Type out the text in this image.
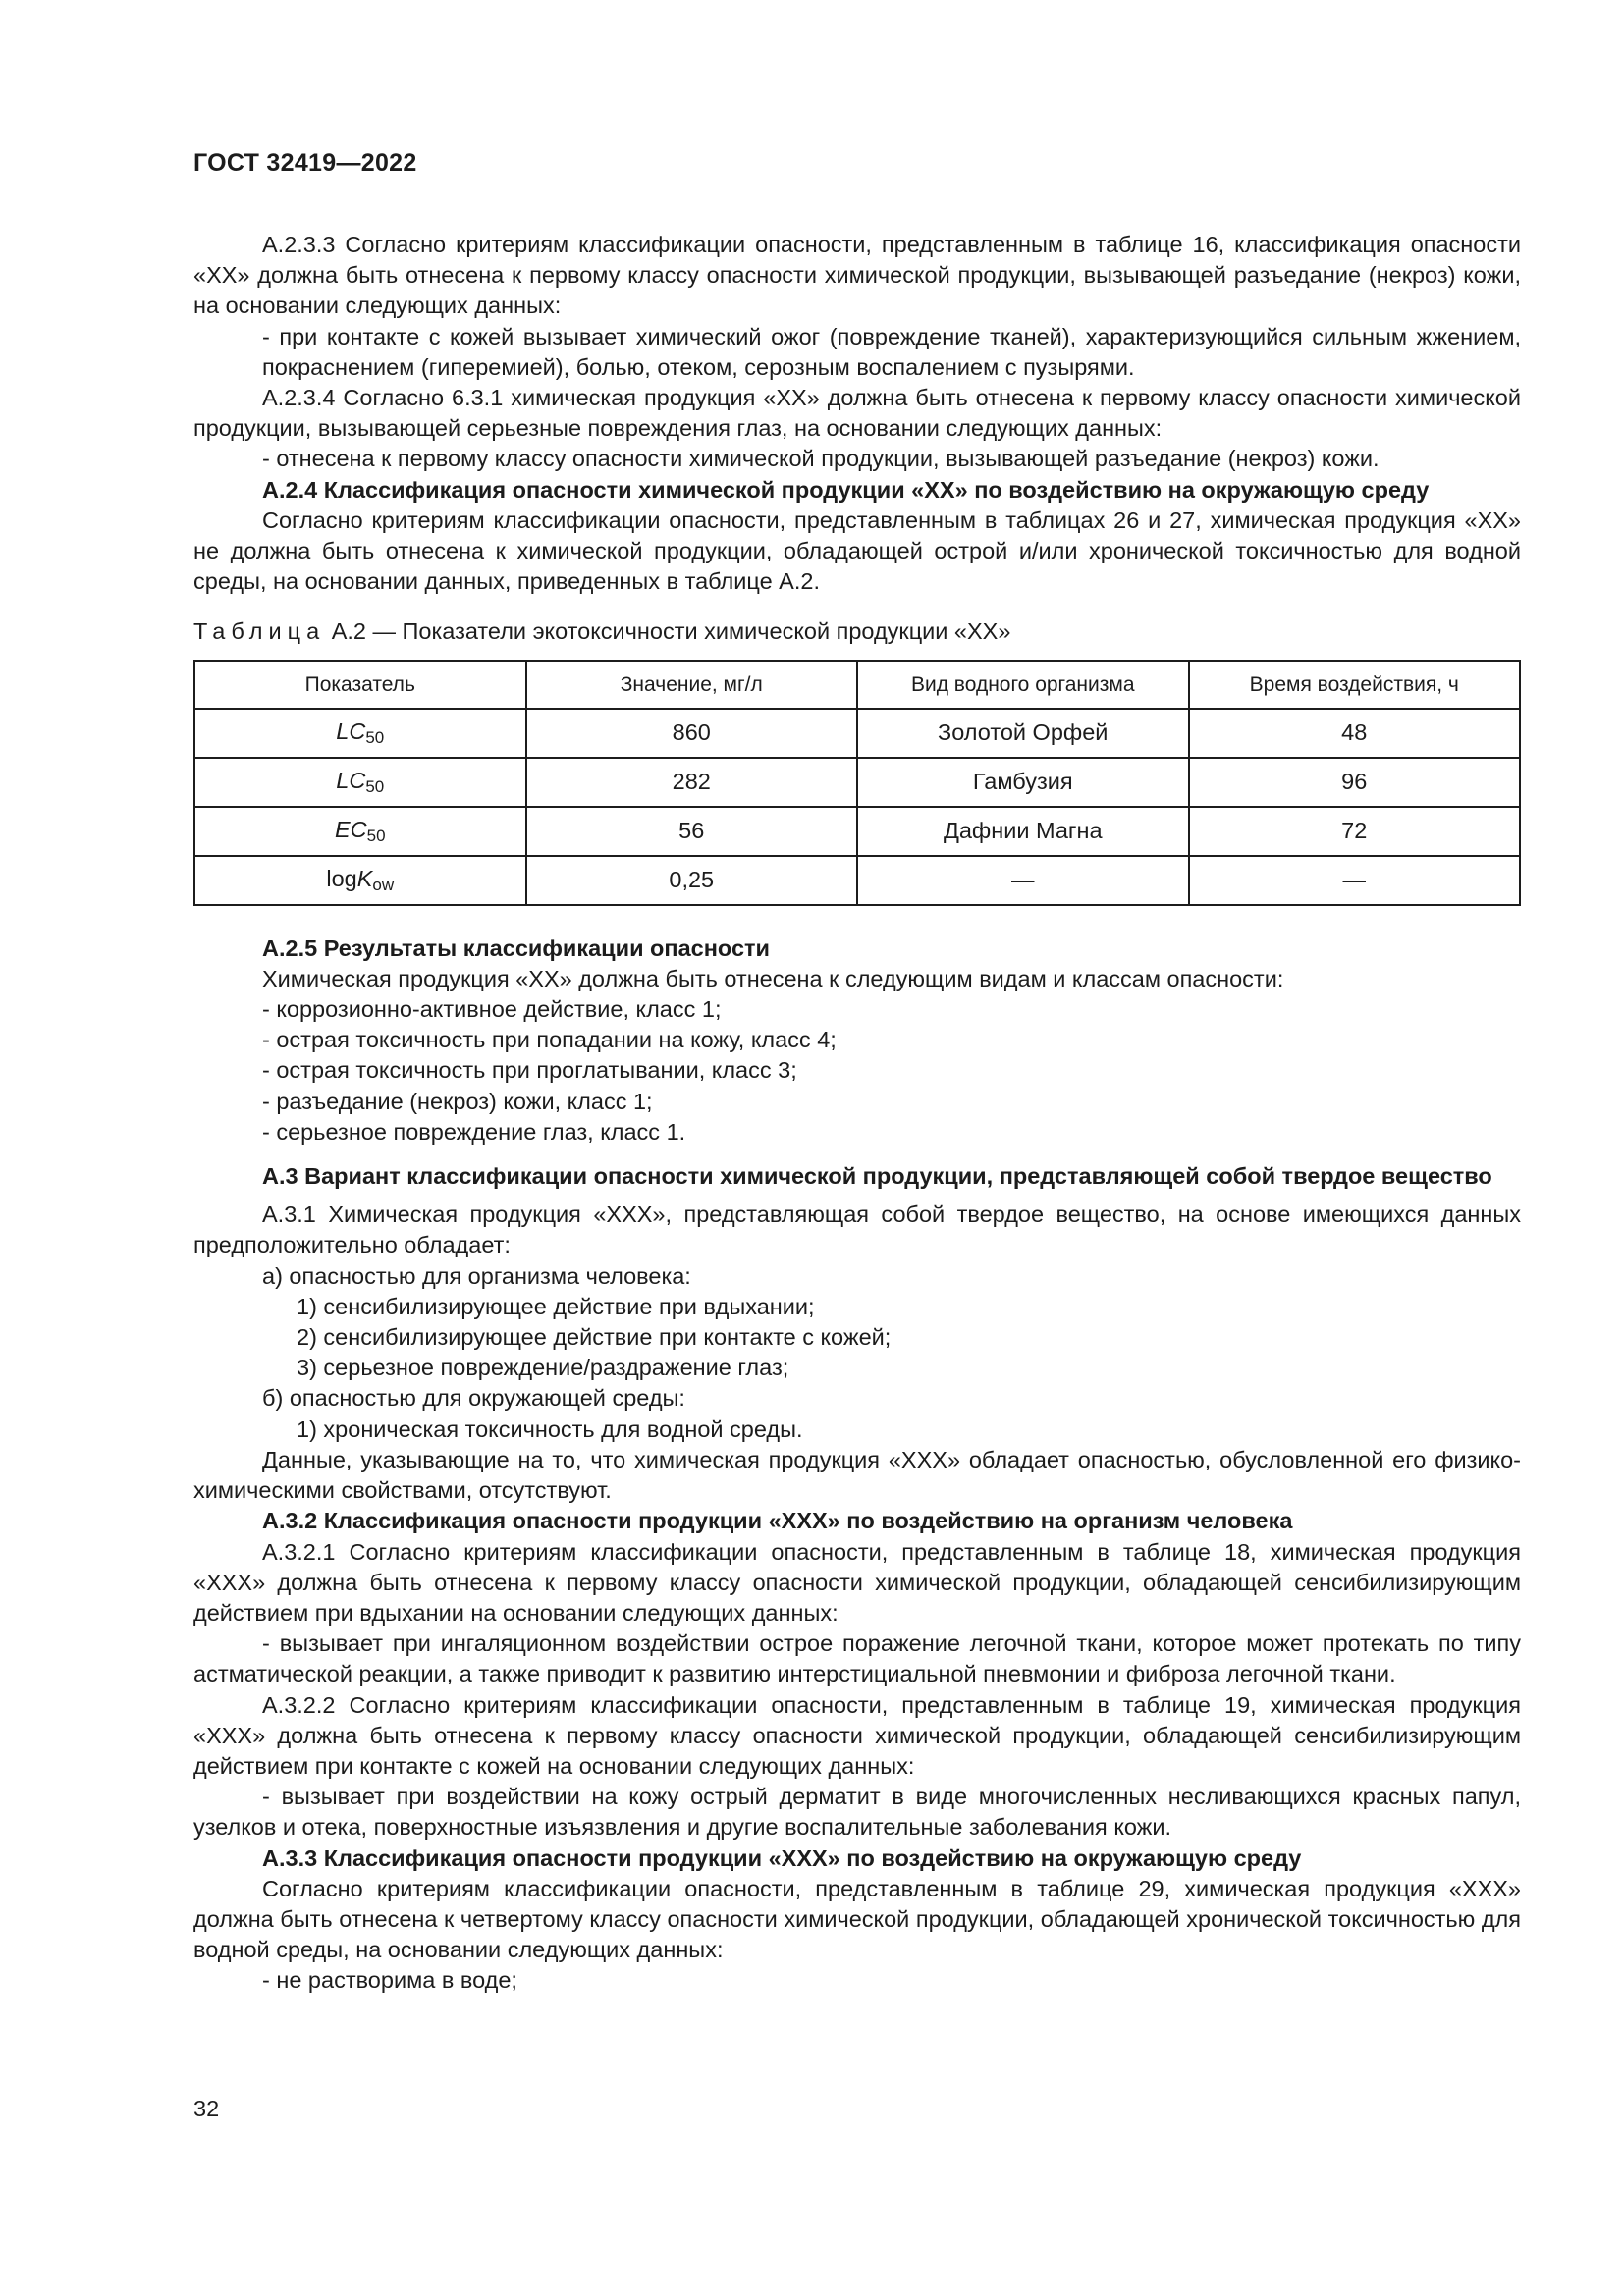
ГОСТ 32419—2022

А.2.3.3 Согласно критериям классификации опасности, представленным в таблице 16, классификация опасности «ХХ» должна быть отнесена к первому классу опасности химической продукции, вызывающей разъедание (некроз) кожи, на основании следующих данных:

- при контакте с кожей вызывает химический ожог (повреждение тканей), характеризующийся сильным жжением, покраснением (гиперемией), болью, отеком, серозным воспалением с пузырями.

А.2.3.4 Согласно 6.3.1 химическая продукция «ХХ» должна быть отнесена к первому классу опасности химической продукции, вызывающей серьезные повреждения глаз, на основании следующих данных:

- отнесена к первому классу опасности химической продукции, вызывающей разъедание (некроз) кожи.

А.2.4 Классификация опасности химической продукции «ХХ» по воздействию на окружающую среду

Согласно критериям классификации опасности, представленным в таблицах 26 и 27, химическая продукция «ХХ» не должна быть отнесена к химической продукции, обладающей острой и/или хронической токсичностью для водной среды, на основании данных, приведенных в таблице А.2.

Таблица А.2 — Показатели экотоксичности химической продукции «ХХ»

Показатель	Значение, мг/л	Вид водного организма	Время воздействия, ч
$LC_{50}$	860	Золотой Орфей	48
$LC_{50}$	282	Гамбузия	96
$EC_{50}$	56	Дафнии Магна	72
logK$_{ow}$	0,25	—	—

А.2.5 Результаты классификации опасности

Химическая продукция «ХХ» должна быть отнесена к следующим видам и классам опасности:

- коррозионно-активное действие, класс 1;

- острая токсичность при попадании на кожу, класс 4;

- острая токсичность при проглатывании, класс 3;

- разъедание (некроз) кожи, класс 1;

- серьезное повреждение глаз, класс 1.

А.3 Вариант классификации опасности химической продукции, представляющей собой твердое вещество

А.3.1 Химическая продукция «ХХХ», представляющая собой твердое вещество, на основе имеющихся данных предположительно обладает:

а) опасностью для организма человека:

1) сенсибилизирующее действие при вдыхании;

2) сенсибилизирующее действие при контакте с кожей;

3) серьезное повреждение/раздражение глаз;

б) опасностью для окружающей среды:

1) хроническая токсичность для водной среды.

Данные, указывающие на то, что химическая продукция «ХХХ» обладает опасностью, обусловленной его физико-химическими свойствами, отсутствуют.

А.3.2 Классификация опасности продукции «ХХХ» по воздействию на организм человека

А.3.2.1 Согласно критериям классификации опасности, представленным в таблице 18, химическая продукция «ХХХ» должна быть отнесена к первому классу опасности химической продукции, обладающей сенсибилизирующим действием при вдыхании на основании следующих данных:

- вызывает при ингаляционном воздействии острое поражение легочной ткани, которое может протекать по типу астматической реакции, а также приводит к развитию интерстициальной пневмонии и фиброза легочной ткани.

А.3.2.2 Согласно критериям классификации опасности, представленным в таблице 19, химическая продукция «ХХХ» должна быть отнесена к первому классу опасности химической продукции, обладающей сенсибилизирующим действием при контакте с кожей на основании следующих данных:

- вызывает при воздействии на кожу острый дерматит в виде многочисленных несливающихся красных папул, узелков и отека, поверхностные изъязвления и другие воспалительные заболевания кожи.

А.3.3 Классификация опасности продукции «ХХХ» по воздействию на окружающую среду

Согласно критериям классификации опасности, представленным в таблице 29, химическая продукция «ХХХ» должна быть отнесена к четвертому классу опасности химической продукции, обладающей хронической токсичностью для водной среды, на основании следующих данных:

- не растворима в воде;

32
